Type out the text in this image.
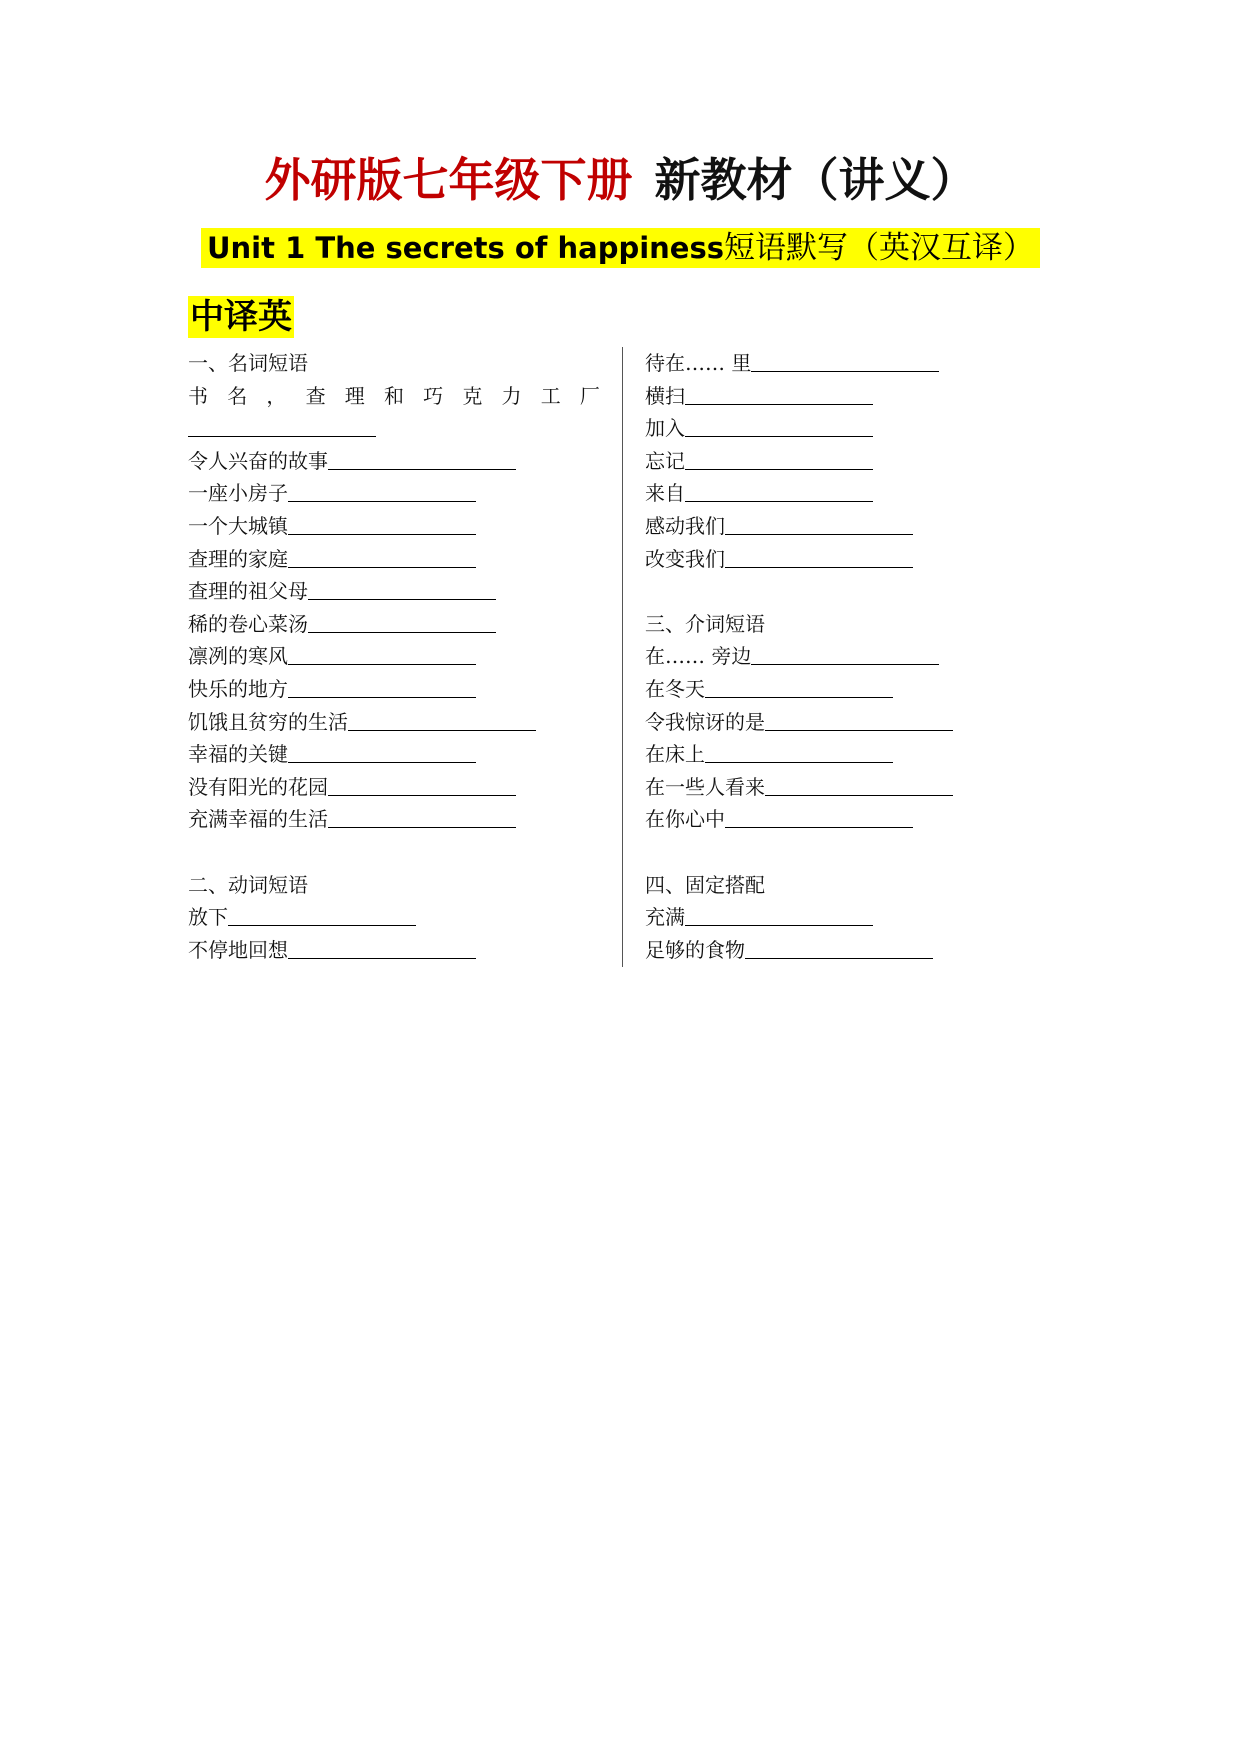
外研版七年级下册 新教材（讲义）
Unit 1 The secrets of happiness短语默写（英汉互译）
中译英
一、名词短语
书 名 ， 查 理 和 巧 克 力 工 厂
令人兴奋的故事
一座小房子
一个大城镇
查理的家庭
查理的祖父母
稀的卷心菜汤
凛冽的寒风
快乐的地方
饥饿且贫穷的生活
幸福的关键
没有阳光的花园
充满幸福的生活
二、动词短语
放下
不停地回想
待在…… 里
横扫
加入
忘记
来自
感动我们
改变我们
三、介词短语
在…… 旁边
在冬天
令我惊讶的是
在床上
在一些人看来
在你心中
四、固定搭配
充满
足够的食物
